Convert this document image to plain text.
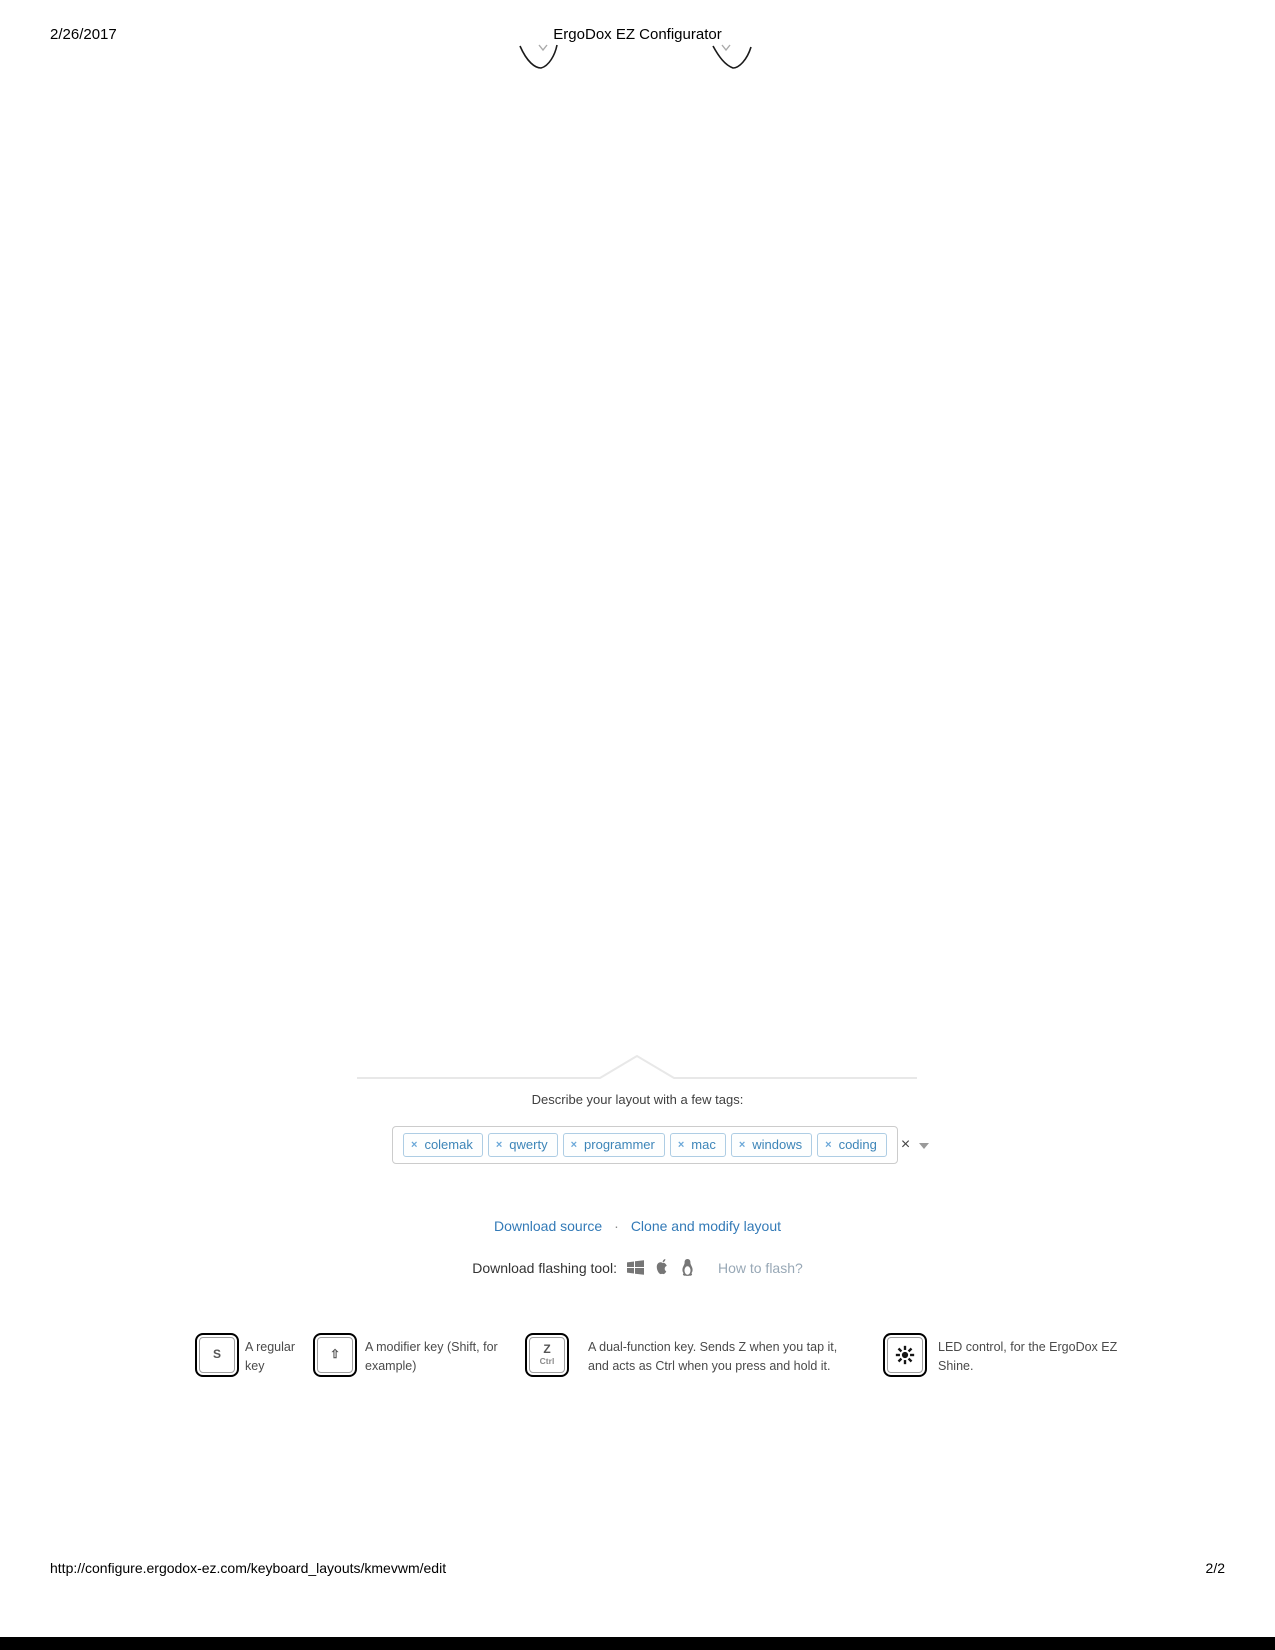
2/26/2017	ErgoDox EZ Configurator
Describe your layout with a few tags:
× colemak × qwerty × programmer × mac × windows × coding ×
Download source · Clone and modify layout
Download flashing tool:	How to flash?
S
A regular
key
⇧
A modifier key (Shift, for
example)
Z
Ctrl
A dual-function key. Sends Z when you tap it,
and acts as Ctrl when you press and hold it.
LED control, for the ErgoDox EZ
Shine.
http://configure.ergodox-ez.com/keyboard_layouts/kmevwm/edit	2/2
